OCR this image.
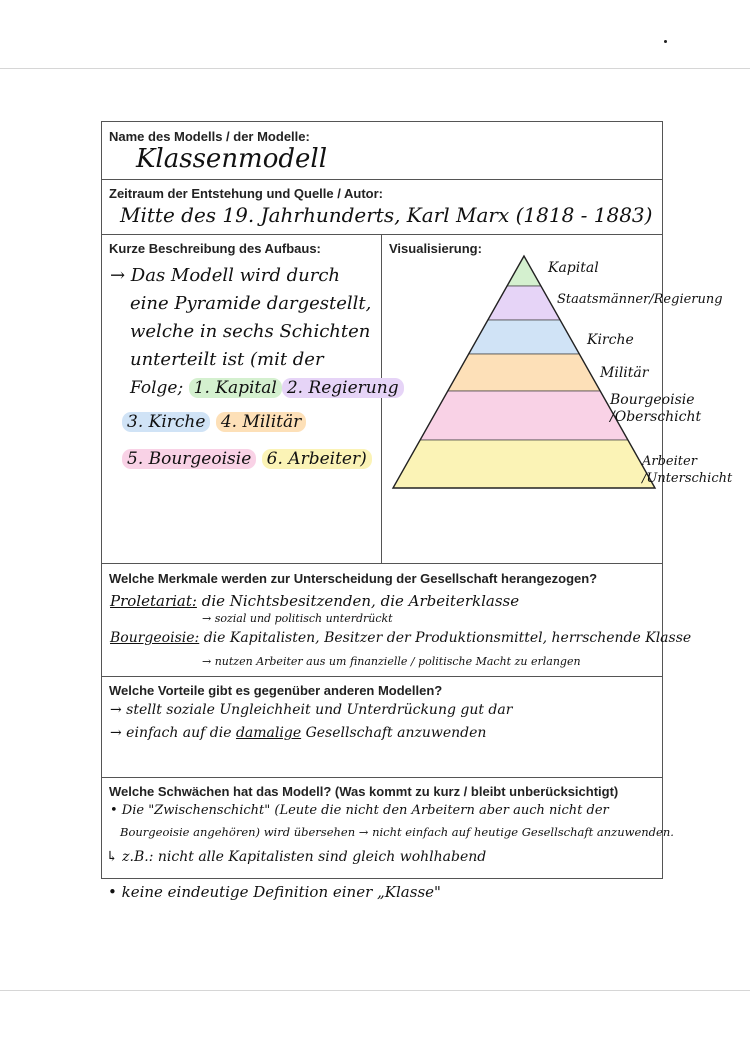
Name des Modells / der Modelle:
Klassenmodell
Zeitraum der Entstehung und Quelle / Autor:
Mitte des 19. Jahrhunderts, Karl Marx (1818 - 1883)
Kurze Beschreibung des Aufbaus:
→ Das Modell wird durch
eine Pyramide dargestellt,
welche in sechs Schichten
unterteilt ist (mit der
Folge; 1. Kapital 2. Regierung
3. Kirche 4. Militär
5. Bourgeoisie 6. Arbeiter)
Visualisierung:
Kapital
Staatsmänner/Regierung
Kirche
Militär
Bourgeoisie /Oberschicht
Arbeiter /Unterschicht
Welche Merkmale werden zur Unterscheidung der Gesellschaft herangezogen?
Proletariat: die Nichtsbesitzenden, die Arbeiterklasse
→ sozial und politisch unterdrückt
Bourgeoisie: die Kapitalisten, Besitzer der Produktionsmittel, herrschende Klasse
→ nutzen Arbeiter aus um finanzielle / politische Macht zu erlangen
Welche Vorteile gibt es gegenüber anderen Modellen?
→ stellt soziale Ungleichheit und Unterdrückung gut dar
→ einfach auf die damalige Gesellschaft anzuwenden
Welche Schwächen hat das Modell? (Was kommt zu kurz / bleibt unberücksichtigt)
• Die "Zwischenschicht" (Leute die nicht den Arbeitern aber auch nicht der
Bourgeoisie angehören) wird übersehen → nicht einfach auf heutige Gesellschaft anzuwenden.
↳ z.B.: nicht alle Kapitalisten sind gleich wohlhabend
• keine eindeutige Definition einer „Klasse"
